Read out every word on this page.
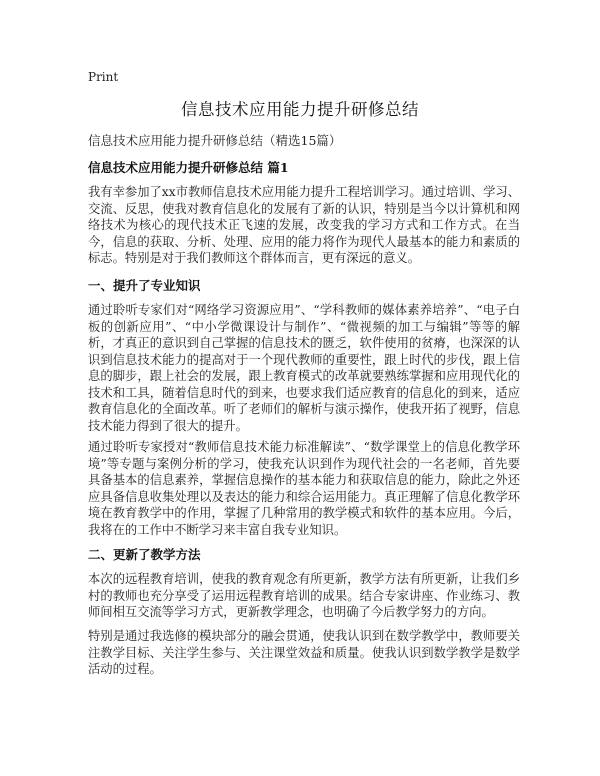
Print
信息技术应用能力提升研修总结
信息技术应用能力提升研修总结（精选15篇）
信息技术应用能力提升研修总结 篇1

我有幸参加了xx市教师信息技术应用能力提升工程培训学习。通过培训、学习、交流、反思，使我对教育信息化的发展有了新的认识，特别是当今以计算机和网络技术为核心的现代技术正飞速的发展，改变我的学习方式和工作方式。在当今，信息的获取、分析、处理、应用的能力将作为现代人最基本的能力和素质的标志。特别是对于我们教师这个群体而言，更有深远的意义。

一、提升了专业知识

通过聆听专家们对“网络学习资源应用”、“学科教师的媒体素养培养”、“电子白板的创新应用”、“中小学微课设计与制作”、“微视频的加工与编辑”等等的解析，才真正的意识到自己掌握的信息技术的匮乏，软件使用的贫瘠，也深深的认识到信息技术能力的提高对于一个现代教师的重要性，跟上时代的步伐，跟上信息的脚步，跟上社会的发展，跟上教育模式的改革就要熟练掌握和应用现代化的技术和工具，随着信息时代的到来，也要求我们适应教育的信息化的到来，适应教育信息化的全面改革。听了老师们的解析与演示操作，使我开拓了视野，信息技术能力得到了很大的提升。

通过聆听专家授对“教师信息技术能力标准解读”、“数学课堂上的信息化教学环境”等专题与案例分析的学习，使我充认识到作为现代社会的一名老师，首先要具备基本的信息素养，掌握信息操作的基本能力和获取信息的能力，除此之外还应具备信息收集处理以及表达的能力和综合运用能力。真正理解了信息化教学环境在教育教学中的作用，掌握了几种常用的教学模式和软件的基本应用。今后，我将在的工作中不断学习来丰富自我专业知识。

二、更新了教学方法

本次的远程教育培训，使我的教育观念有所更新，教学方法有所更新，让我们乡村的教师也充分享受了运用远程教育培训的成果。结合专家讲座、作业练习、教师间相互交流等学习方式，更新教学理念，也明确了今后教学努力的方向。

特别是通过我选修的模块部分的融会贯通，使我认识到在数学教学中，教师要关注教学目标、关注学生参与、关注课堂效益和质量。使我认识到数学教学是数学活动的过程。
